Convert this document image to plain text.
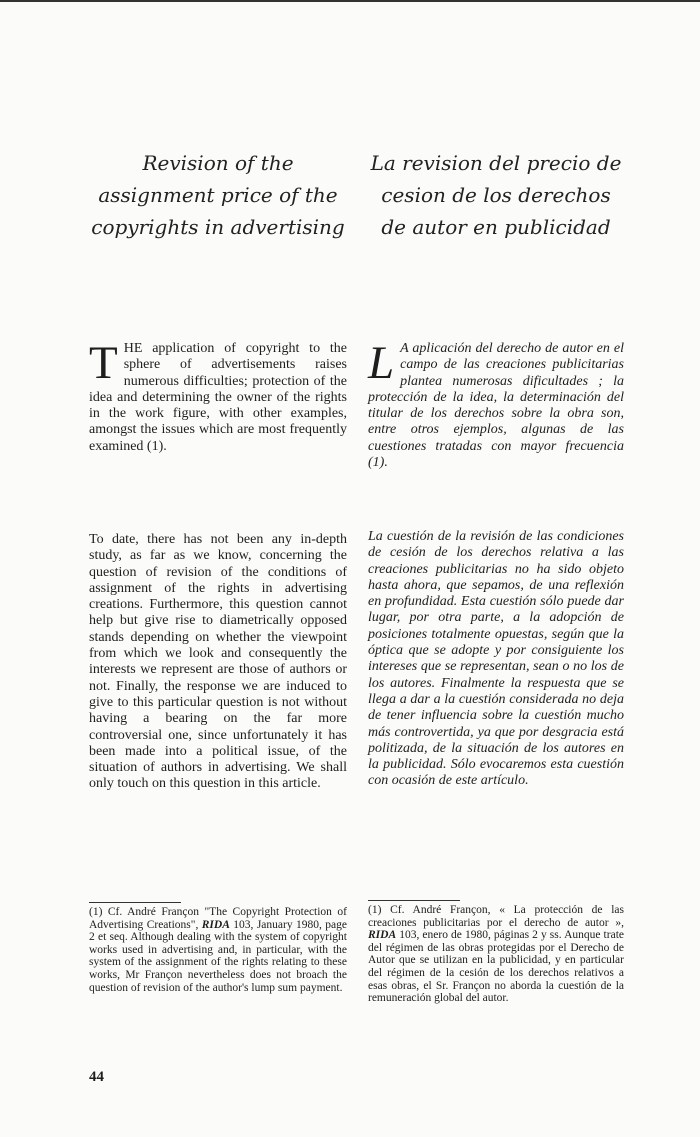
Revision of the assignment price of the copyrights in advertising
La revision del precio de cesion de los derechos de autor en publicidad

THE application of copyright to the sphere of advertisements raises numerous difficulties; protection of the idea and determining the owner of the rights in the work figure, with other examples, amongst the issues which are most frequently examined (1).

L A aplicación del derecho de autor en el campo de las creaciones publicitarias plantea numerosas dificultades ; la protección de la idea, la determinación del titular de los derechos sobre la obra son, entre otros ejemplos, algunas de las cuestiones tratadas con mayor frecuencia (1).

To date, there has not been any in-depth study, as far as we know, concerning the question of revision of the conditions of assignment of the rights in advertising creations. Furthermore, this question cannot help but give rise to diametrically opposed stands depending on whether the viewpoint from which we look and consequently the interests we represent are those of authors or not. Finally, the response we are induced to give to this particular question is not without having a bearing on the far more controversial one, since unfortunately it has been made into a political issue, of the situation of authors in advertising. We shall only touch on this question in this article.

La cuestión de la revisión de las condiciones de cesión de los derechos relativa a las creaciones publicitarias no ha sido objeto hasta ahora, que sepamos, de una reflexión en profundidad. Esta cuestión sólo puede dar lugar, por otra parte, a la adopción de posiciones totalmente opuestas, según que la óptica que se adopte y por consiguiente los intereses que se representan, sean o no los de los autores. Finalmente la respuesta que se llega a dar a la cuestión considerada no deja de tener influencia sobre la cuestión mucho más controvertida, ya que por desgracia está politizada, de la situación de los autores en la publicidad. Sólo evocaremos esta cuestión con ocasión de este artículo.

(1) Cf. André Françon "The Copyright Protection of Advertising Creations", RIDA 103, January 1980, page 2 et seq. Although dealing with the system of copyright works used in advertising and, in particular, with the system of the assignment of the rights relating to these works, Mr Françon nevertheless does not broach the question of revision of the author's lump sum payment.

(1) Cf. André Françon, « La protección de las creaciones publicitarias por el derecho de autor », RIDA 103, enero de 1980, páginas 2 y ss. Aunque trate del régimen de las obras protegidas por el Derecho de Autor que se utilizan en la publicidad, y en particular del régimen de la cesión de los derechos relativos a esas obras, el Sr. Françon no aborda la cuestión de la remuneración global del autor.

44
